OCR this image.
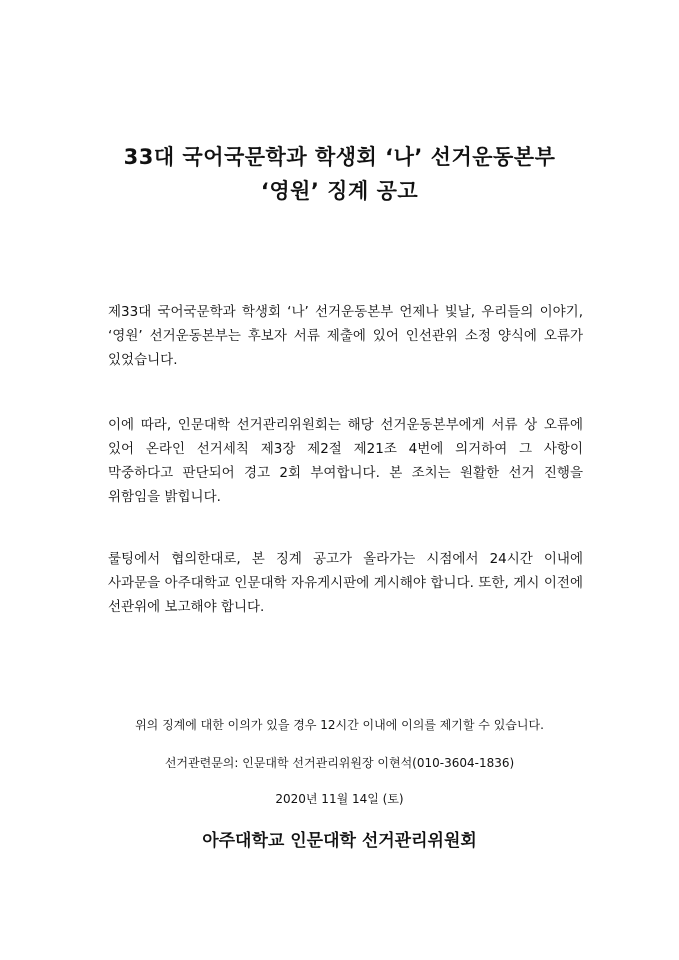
33대 국어국문학과 학생회 ‘나’ 선거운동본부
‘영원’ 징계 공고
제33대 국어국문학과 학생회 ‘나’ 선거운동본부 언제나 빛날, 우리들의 이야기, ‘영원’ 선거운동본부는 후보자 서류 제출에 있어 인선관위 소정 양식에 오류가 있었습니다.
이에 따라, 인문대학 선거관리위원회는 해당 선거운동본부에게 서류 상 오류에 있어 온라인 선거세칙 제3장 제2절 제21조 4번에 의거하여 그 사항이 막중하다고 판단되어 경고 2회 부여합니다. 본 조치는 원활한 선거 진행을 위함임을 밝힙니다.
룰팅에서 협의한대로, 본 징계 공고가 올라가는 시점에서 24시간 이내에 사과문을 아주대학교 인문대학 자유게시판에 게시해야 합니다. 또한, 게시 이전에 선관위에 보고해야 합니다.
위의 징계에 대한 이의가 있을 경우 12시간 이내에 이의를 제기할 수 있습니다.
선거관련문의: 인문대학 선거관리위원장 이현석(010-3604-1836)
2020년 11월 14일 (토)
아주대학교 인문대학 선거관리위원회
